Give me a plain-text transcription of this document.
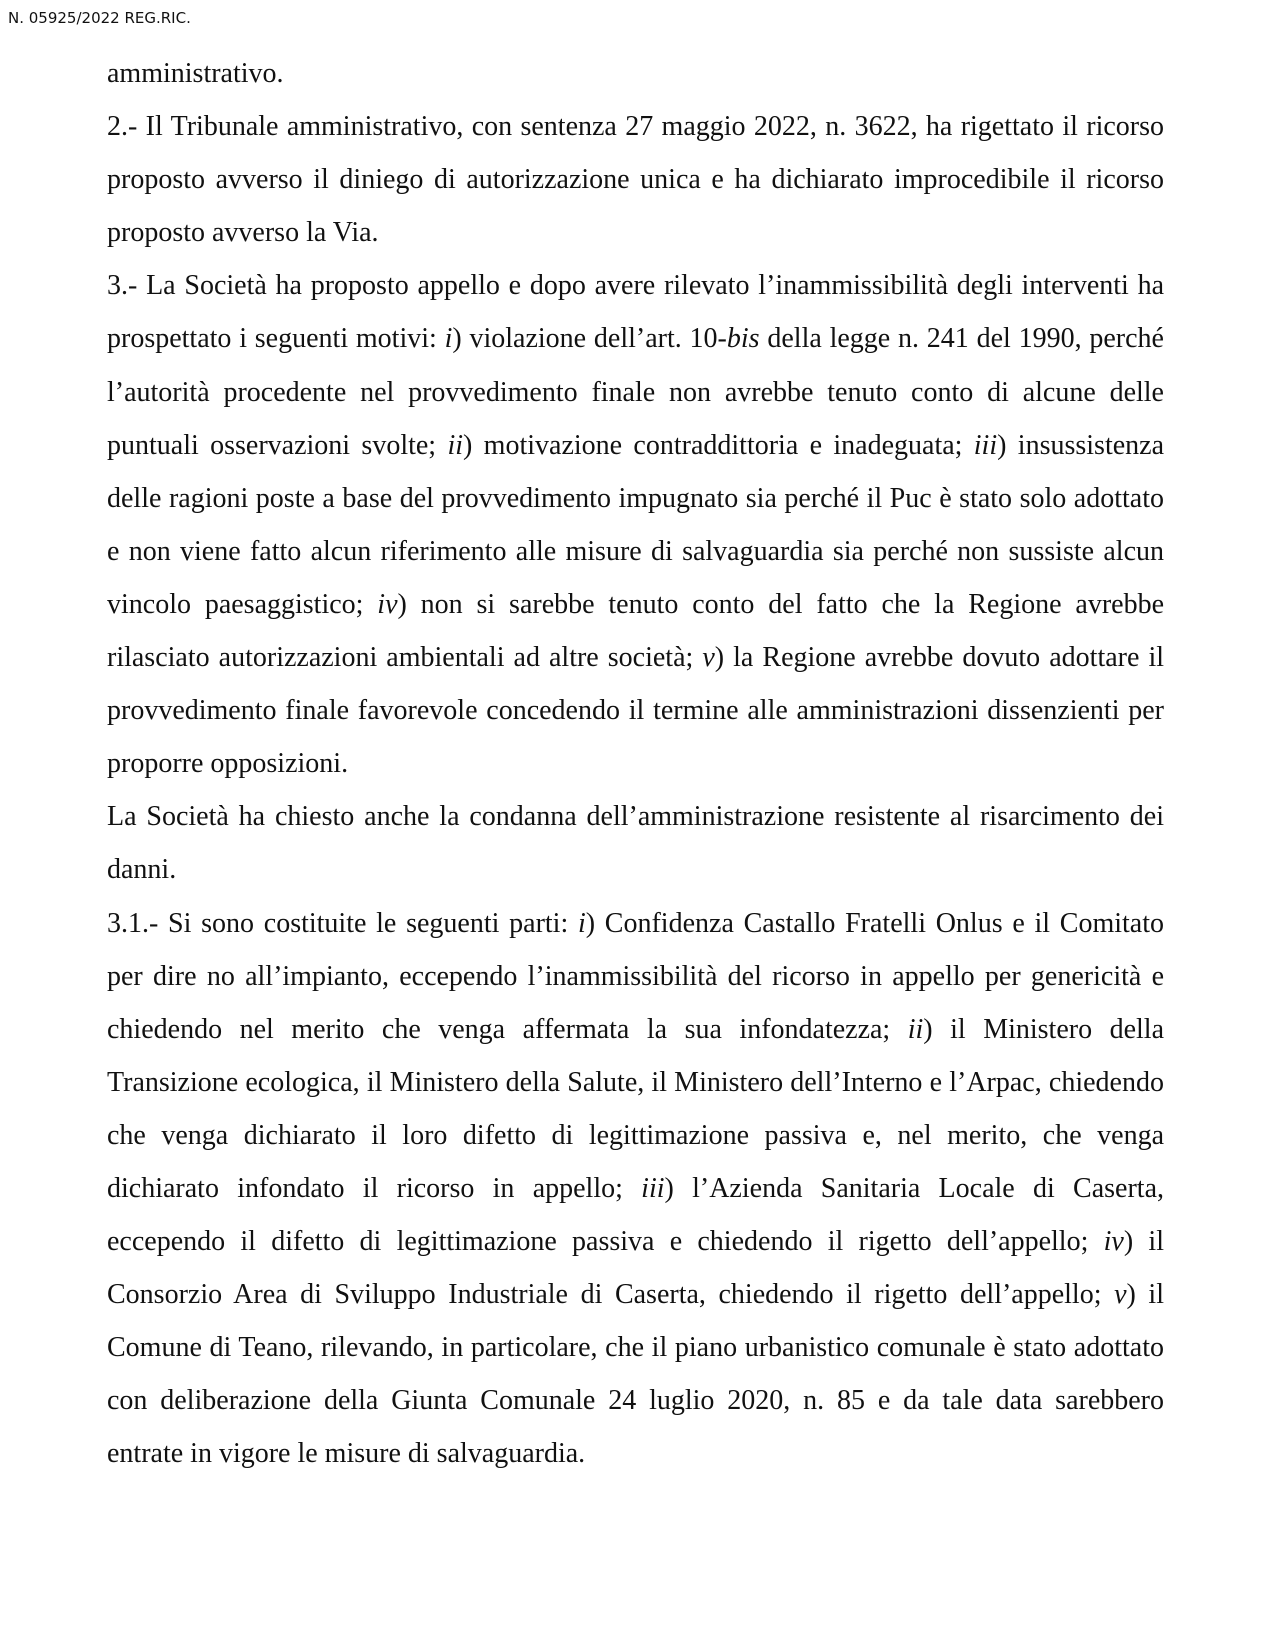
N. 05925/2022 REG.RIC.

amministrativo.

2.- Il Tribunale amministrativo, con sentenza 27 maggio 2022, n. 3622, ha rigettato il ricorso proposto avverso il diniego di autorizzazione unica e ha dichiarato improcedibile il ricorso proposto avverso la Via.

3.- La Società ha proposto appello e dopo avere rilevato l’inammissibilità degli interventi ha prospettato i seguenti motivi: i) violazione dell’art. 10-bis della legge n. 241 del 1990, perché l’autorità procedente nel provvedimento finale non avrebbe tenuto conto di alcune delle puntuali osservazioni svolte; ii) motivazione contraddittoria e inadeguata; iii) insussistenza delle ragioni poste a base del provvedimento impugnato sia perché il Puc è stato solo adottato e non viene fatto alcun riferimento alle misure di salvaguardia sia perché non sussiste alcun vincolo paesaggistico; iv) non si sarebbe tenuto conto del fatto che la Regione avrebbe rilasciato autorizzazioni ambientali ad altre società; v) la Regione avrebbe dovuto adottare il provvedimento finale favorevole concedendo il termine alle amministrazioni dissenzienti per proporre opposizioni.

La Società ha chiesto anche la condanna dell’amministrazione resistente al risarcimento dei danni.

3.1.- Si sono costituite le seguenti parti: i) Confidenza Castallo Fratelli Onlus e il Comitato per dire no all’impianto, eccependo l’inammissibilità del ricorso in appello per genericità e chiedendo nel merito che venga affermata la sua infondatezza; ii) il Ministero della Transizione ecologica, il Ministero della Salute, il Ministero dell’Interno e l’Arpac, chiedendo che venga dichiarato il loro difetto di legittimazione passiva e, nel merito, che venga dichiarato infondato il ricorso in appello; iii) l’Azienda Sanitaria Locale di Caserta, eccependo il difetto di legittimazione passiva e chiedendo il rigetto dell’appello; iv) il Consorzio Area di Sviluppo Industriale di Caserta, chiedendo il rigetto dell’appello; v) il Comune di Teano, rilevando, in particolare, che il piano urbanistico comunale è stato adottato con deliberazione della Giunta Comunale 24 luglio 2020, n. 85 e da tale data sarebbero entrate in vigore le misure di salvaguardia.
